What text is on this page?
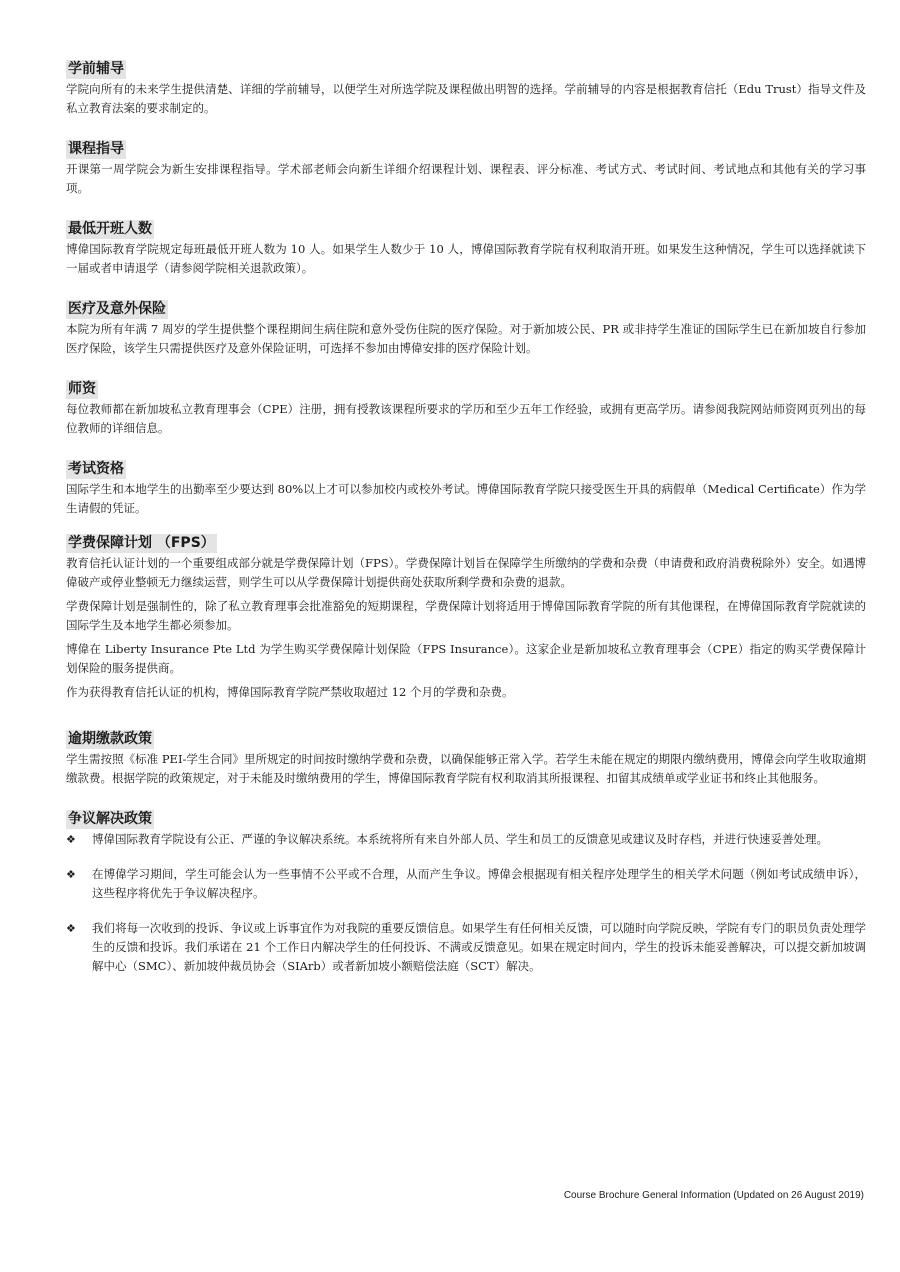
学前辅导

学院向所有的未来学生提供清楚、详细的学前辅导，以便学生对所选学院及课程做出明智的选择。学前辅导的内容是根据教育信托（Edu Trust）指导文件及私立教育法案的要求制定的。

课程指导

开课第一周学院会为新生安排课程指导。学术部老师会向新生详细介绍课程计划、课程表、评分标准、考试方式、考试时间、考试地点和其他有关的学习事项。

最低开班人数

博偉国际教育学院规定每班最低开班人数为 10 人。如果学生人数少于 10 人，博偉国际教育学院有权利取消开班。如果发生这种情况，学生可以选择就读下一届或者申请退学（请参阅学院相关退款政策）。

医疗及意外保险

本院为所有年满 7 周岁的学生提供整个课程期间生病住院和意外受伤住院的医疗保险。对于新加坡公民、PR 或非持学生准证的国际学生已在新加坡自行参加医疗保险，该学生只需提供医疗及意外保险证明，可选择不参加由博偉安排的医疗保险计划。

师资

每位教师都在新加坡私立教育理事会（CPE）注册，拥有授教该课程所要求的学历和至少五年工作经验，或拥有更高学历。请参阅我院网站师资网页列出的每位教师的详细信息。

考试资格

国际学生和本地学生的出勤率至少要达到 80%以上才可以参加校内或校外考试。博偉国际教育学院只接受医生开具的病假单（Medical Certificate）作为学生请假的凭证。

学费保障计划 （FPS）

教育信托认证计划的一个重要组成部分就是学费保障计划（FPS）。学费保障计划旨在保障学生所缴纳的学费和杂费（申请费和政府消费税除外）安全。如遇博偉破产或停业整顿无力继续运营，则学生可以从学费保障计划提供商处获取所剩学费和杂费的退款。

学费保障计划是强制性的，除了私立教育理事会批准豁免的短期课程，学费保障计划将适用于博偉国际教育学院的所有其他课程，在博偉国际教育学院就读的国际学生及本地学生都必须参加。

博偉在 Liberty Insurance Pte Ltd 为学生购买学费保障计划保险（FPS Insurance）。这家企业是新加坡私立教育理事会（CPE）指定的购买学费保障计划保险的服务提供商。

作为获得教育信托认证的机构，博偉国际教育学院严禁收取超过 12 个月的学费和杂费。

逾期缴款政策

学生需按照《标准 PEI-学生合同》里所规定的时间按时缴纳学费和杂费，以确保能够正常入学。若学生未能在规定的期限内缴纳费用，博偉会向学生收取逾期缴款费。根据学院的政策规定，对于未能及时缴纳费用的学生，博偉国际教育学院有权利取消其所报课程、扣留其成绩单或学业证书和终止其他服务。

争议解决政策
❖ 博偉国际教育学院设有公正、严谨的争议解决系统。本系统将所有来自外部人员、学生和员工的反馈意见或建议及时存档，并进行快速妥善处理。
❖ 在博偉学习期间，学生可能会认为一些事情不公平或不合理，从而产生争议。博偉会根据现有相关程序处理学生的相关学术问题（例如考试成绩申诉），这些程序将优先于争议解决程序。
❖ 我们将每一次收到的投诉、争议或上诉事宜作为对我院的重要反馈信息。如果学生有任何相关反馈，可以随时向学院反映，学院有专门的职员负责处理学生的反馈和投诉。我们承诺在 21 个工作日内解决学生的任何投诉、不满或反馈意见。如果在规定时间内，学生的投诉未能妥善解决，可以提交新加坡调解中心（SMC）、新加坡仲裁员协会（SIArb）或者新加坡小额赔偿法庭（SCT）解决。
Course Brochure General Information (Updated on 26 August 2019)
